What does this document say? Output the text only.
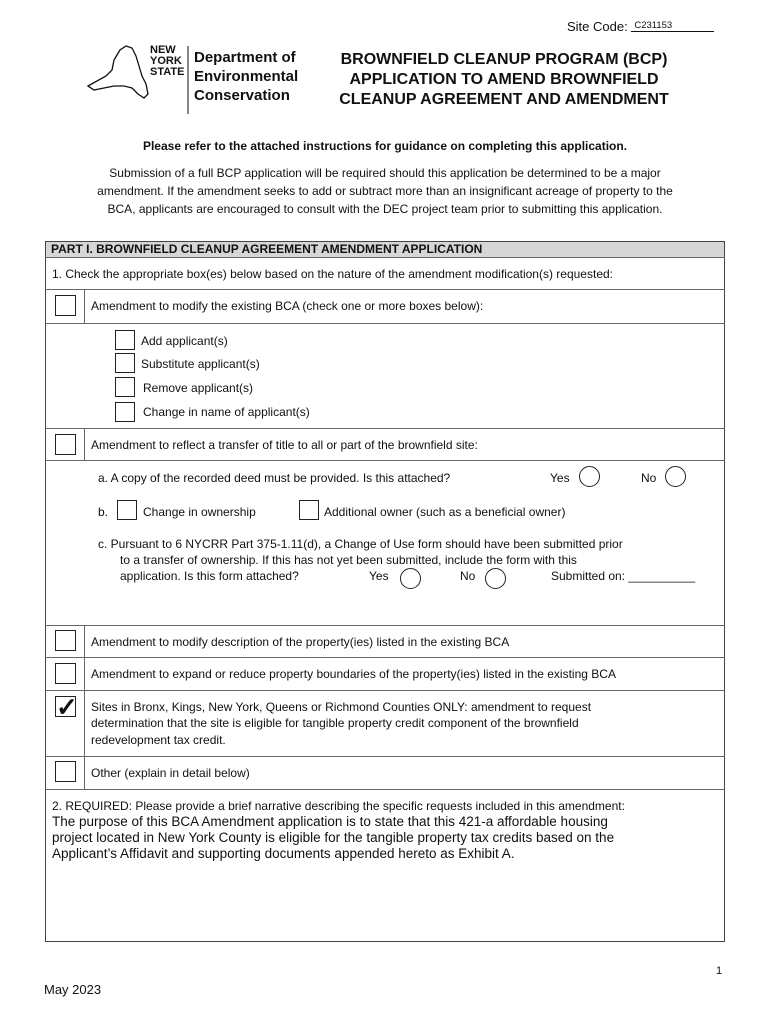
Site Code: C231153
NEW
YORK
STATE
Department of
Environmental
Conservation
BROWNFIELD CLEANUP PROGRAM (BCP)
APPLICATION TO AMEND BROWNFIELD
CLEANUP AGREEMENT AND AMENDMENT
Please refer to the attached instructions for guidance on completing this application.
Submission of a full BCP application will be required should this application be determined to be a major
amendment. If the amendment seeks to add or subtract more than an insignificant acreage of property to the
BCA, applicants are encouraged to consult with the DEC project team prior to submitting this application.
PART I. BROWNFIELD CLEANUP AGREEMENT AMENDMENT APPLICATION
1. Check the appropriate box(es) below based on the nature of the amendment modification(s) requested:
Amendment to modify the existing BCA (check one or more boxes below):
Add applicant(s)
Substitute applicant(s)
Remove applicant(s)
Change in name of applicant(s)
Amendment to reflect a transfer of title to all or part of the brownfield site:
a. A copy of the recorded deed must be provided. Is this attached?	Yes	No
b.	Change in ownership	Additional owner (such as a beneficial owner)
c. Pursuant to 6 NYCRR Part 375-1.11(d), a Change of Use form should have been submitted prior
to a transfer of ownership. If this has not yet been submitted, include the form with this
application. Is this form attached?	Yes	No	Submitted on: __________
Amendment to modify description of the property(ies) listed in the existing BCA
Amendment to expand or reduce property boundaries of the property(ies) listed in the existing BCA
✓ Sites in Bronx, Kings, New York, Queens or Richmond Counties ONLY: amendment to request
determination that the site is eligible for tangible property credit component of the brownfield
redevelopment tax credit.
Other (explain in detail below)
2. REQUIRED: Please provide a brief narrative describing the specific requests included in this amendment:
The purpose of this BCA Amendment application is to state that this 421-a affordable housing
project located in New York County is eligible for the tangible property tax credits based on the
Applicant’s Affidavit and supporting documents appended hereto as Exhibit A.
1
May 2023
